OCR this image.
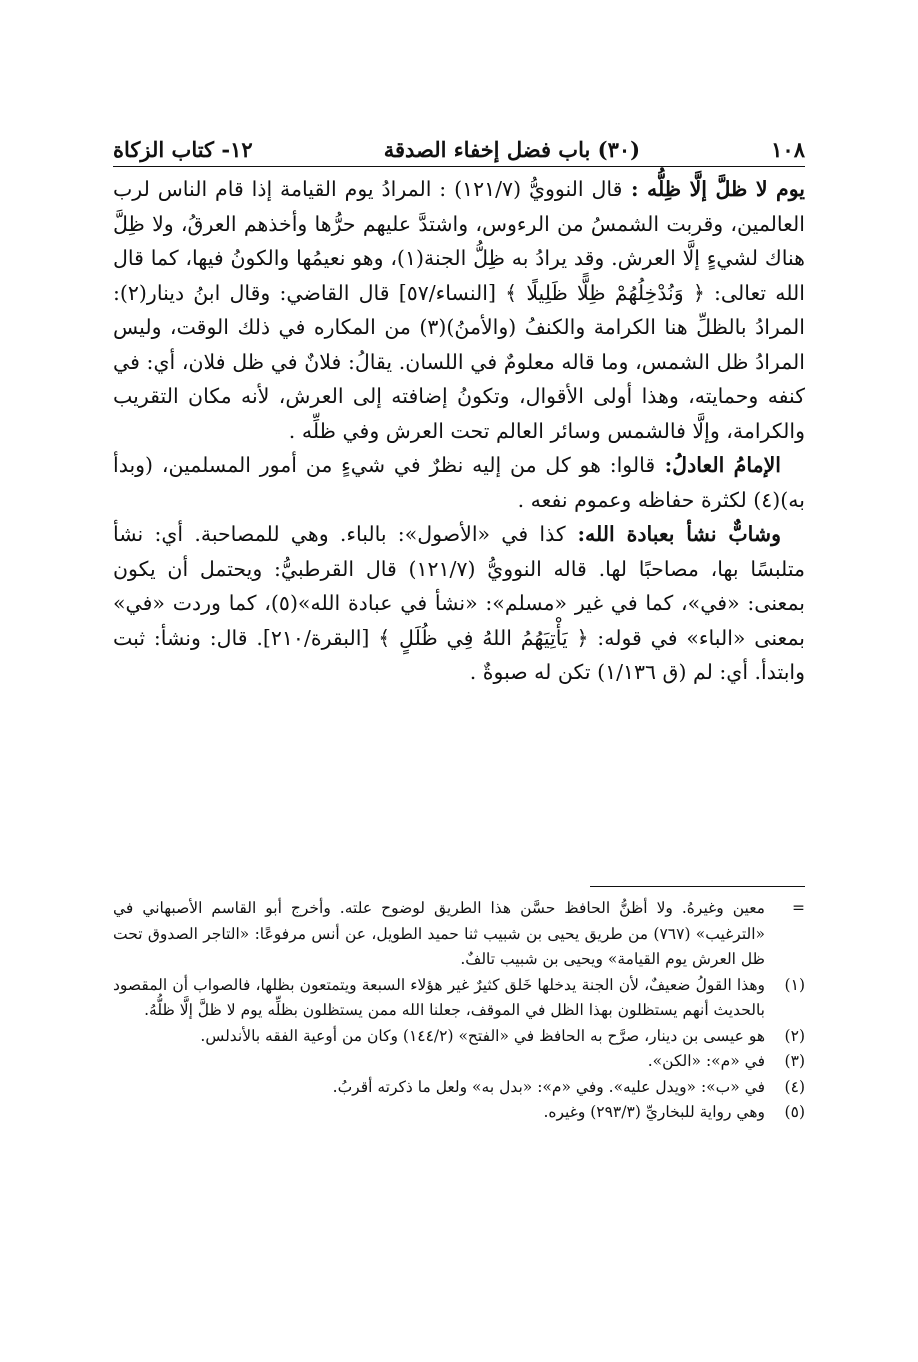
١٠٨
(٣٠) باب فضل إخفاء الصدقة
١٢- كتاب الزكاة

يوم لا ظلَّ إلَّا ظِلُّه : قال النوويُّ (١٢١/٧) : المرادُ يوم القيامة إذا قام الناس لرب العالمين، وقربت الشمسُ من الرءوس، واشتدَّ عليهم حرُّها وأخذهم العرقُ، ولا ظِلَّ هناك لشيءٍ إلَّا العرش. وقد يرادُ به ظِلُّ الجنة(١)، وهو نعيمُها والكونُ فيها، كما قال الله تعالى: ﴿ وَنُدْخِلُهُمْ ظِلًّا ظَلِيلًا ﴾ [النساء/٥٧] قال القاضي: وقال ابنُ دينار(٢): المرادُ بالظلِّ هنا الكرامة والكنفُ (والأمنُ)(٣) من المكاره في ذلك الوقت، وليس المرادُ ظل الشمس، وما قاله معلومٌ في اللسان. يقالُ: فلانٌ في ظل فلان، أي: في كنفه وحمايته، وهذا أولى الأقوال، وتكونُ إضافته إلى العرش، لأنه مكان التقريب والكرامة، وإلَّا فالشمس وسائر العالم تحت العرش وفي ظلِّه .

الإمامُ العادلُ: قالوا: هو كل من إليه نظرٌ في شيءٍ من أمور المسلمين، (وبدأ به)(٤) لكثرة حفاظه وعموم نفعه .

وشابٌّ نشأ بعبادة الله: كذا في «الأصول»: بالباء. وهي للمصاحبة. أي: نشأ متلبسًا بها، مصاحبًا لها. قاله النوويُّ (١٢١/٧) قال القرطبيُّ: ويحتمل أن يكون بمعنى: «في»، كما في غير «مسلم»: «نشأ في عبادة الله»(٥)، كما وردت «في» بمعنى «الباء» في قوله: ﴿ يَأْتِيَهُمُ اللهُ فِي ظُلَلٍ ﴾ [البقرة/٢١٠]. قال: ونشأ: ثبت وابتدأ. أي: لم (ق ١/١٣٦) تكن له صبوةٌ .

=
معين وغيرهُ. ولا أظنُّ الحافظ حسَّن هذا الطريق لوضوح علته. وأخرج أبو القاسم الأصبهاني في «الترغيب» (٧٦٧) من طريق يحيى بن شبيب ثنا حميد الطويل، عن أنس مرفوعًا: «التاجر الصدوق تحت ظل العرش يوم القيامة» ويحيى بن شبيب تالفٌ.
(١)
وهذا القولُ ضعيفٌ، لأن الجنة يدخلها خَلق كثيرٌ غير هؤلاء السبعة ويتمتعون بظلها، فالصواب أن المقصود بالحديث أنهم يستظلون بهذا الظل في الموقف، جعلنا الله ممن يستظلون بظلِّه يوم لا ظلَّ إلَّا ظلُّهُ.
(٢)
هو عيسى بن دينار، صرَّح به الحافظ في «الفتح» (١٤٤/٢) وكان من أوعية الفقه بالأندلس.
(٣)
في «م»: «الكن».
(٤)
في «ب»: «ويدل عليه». وفي «م»: «بدل به» ولعل ما ذكرته أقربُ.
(٥)
وهي رواية للبخاريِّ (٢٩٣/٣) وغيره.
